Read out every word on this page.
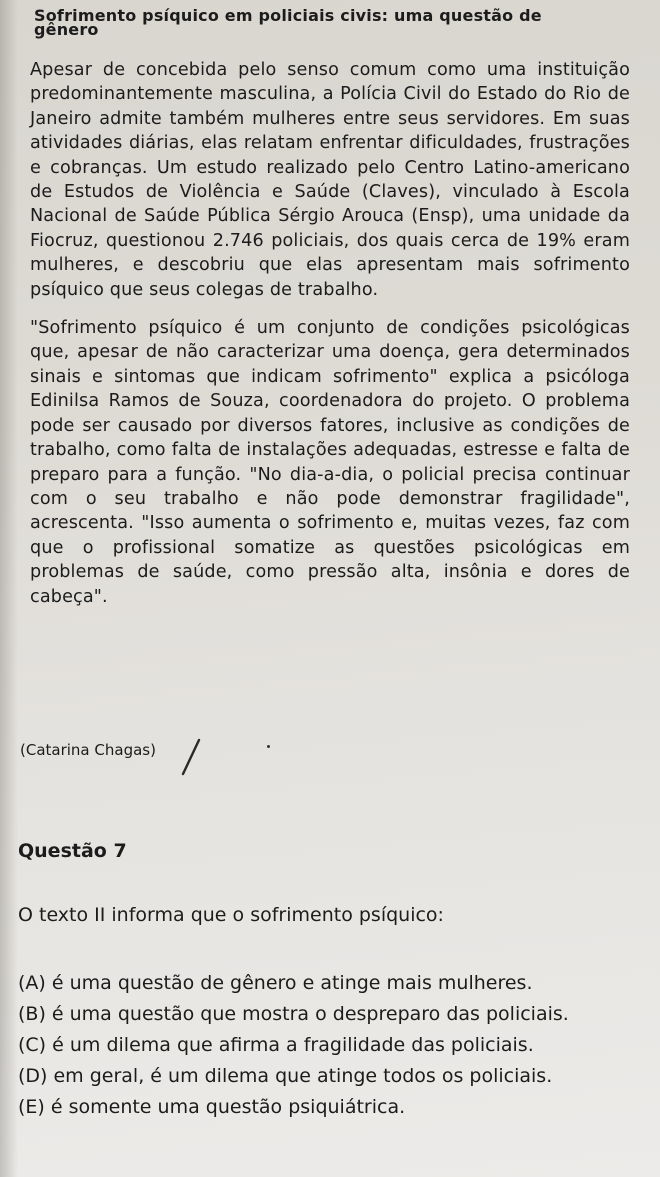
Sofrimento psíquico em policiais civis: uma questão de
gênero

Apesar de concebida pelo senso comum como uma instituição predominantemente masculina, a Polícia Civil do Estado do Rio de Janeiro admite também mulheres entre seus servidores. Em suas atividades diárias, elas relatam enfrentar dificuldades, frustrações e cobranças. Um estudo realizado pelo Centro Latino-americano de Estudos de Violência e Saúde (Claves), vinculado à Escola Nacional de Saúde Pública Sérgio Arouca (Ensp), uma unidade da Fiocruz, questionou 2.746 policiais, dos quais cerca de 19% eram mulheres, e descobriu que elas apresentam mais sofrimento psíquico que seus colegas de trabalho.

"Sofrimento psíquico é um conjunto de condições psicológicas que, apesar de não caracterizar uma doença, gera determinados sinais e sintomas que indicam sofrimento" explica a psicóloga Edinilsa Ramos de Souza, coordenadora do projeto. O problema pode ser causado por diversos fatores, inclusive as condições de trabalho, como falta de instalações adequadas, estresse e falta de preparo para a função. "No dia-a-dia, o policial precisa continuar com o seu trabalho e não pode demonstrar fragilidade", acrescenta. "Isso aumenta o sofrimento e, muitas vezes, faz com que o profissional somatize as questões psicológicas em problemas de saúde, como pressão alta, insônia e dores de cabeça".

(Catarina Chagas)
Questão 7
O texto II informa que o sofrimento psíquico:
(A) é uma questão de gênero e atinge mais mulheres.
(B) é uma questão que mostra o despreparo das policiais.
(C) é um dilema que afirma a fragilidade das policiais.
(D) em geral, é um dilema que atinge todos os policiais.
(E) é somente uma questão psiquiátrica.
